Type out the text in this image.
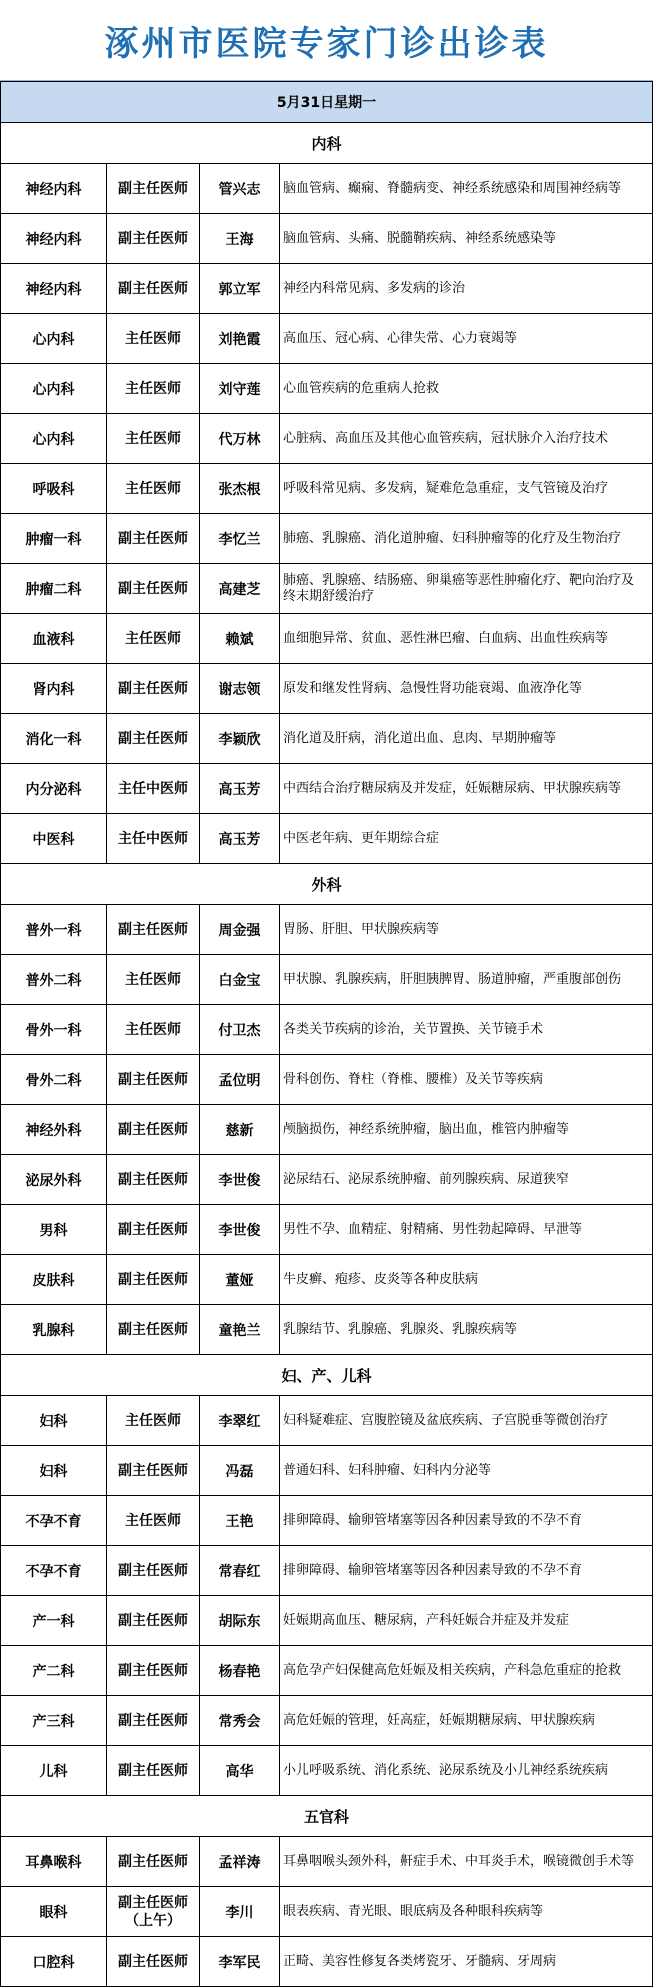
涿州市医院专家门诊出诊表
5月31日星期一			
内科			
神经内科	副主任医师	管兴志	脑血管病、癫痫、脊髓病变、神经系统感染和周围神经病等
神经内科	副主任医师	王海	脑血管病、头痛、脱髓鞘疾病、神经系统感染等
神经内科	副主任医师	郭立军	神经内科常见病、多发病的诊治
心内科	主任医师	刘艳霞	高血压、冠心病、心律失常、心力衰竭等
心内科	主任医师	刘守莲	心血管疾病的危重病人抢救
心内科	主任医师	代万林	心脏病、高血压及其他心血管疾病，冠状脉介入治疗技术
呼吸科	主任医师	张杰根	呼吸科常见病、多发病，疑难危急重症，支气管镜及治疗
肿瘤一科	副主任医师	李忆兰	肺癌、乳腺癌、消化道肿瘤、妇科肿瘤等的化疗及生物治疗
肿瘤二科	副主任医师	高建芝	肺癌、乳腺癌、结肠癌、卵巢癌等恶性肿瘤化疗、靶向治疗及终末期舒缓治疗
血液科	主任医师	赖斌	血细胞异常、贫血、恶性淋巴瘤、白血病、出血性疾病等
肾内科	副主任医师	谢志领	原发和继发性肾病、急慢性肾功能衰竭、血液净化等
消化一科	副主任医师	李颖欣	消化道及肝病，消化道出血、息肉、早期肿瘤等
内分泌科	主任中医师	高玉芳	中西结合治疗糖尿病及并发症，妊娠糖尿病、甲状腺疾病等
中医科	主任中医师	高玉芳	中医老年病、更年期综合症
外科			
普外一科	副主任医师	周金强	胃肠、肝胆、甲状腺疾病等
普外二科	主任医师	白金宝	甲状腺、乳腺疾病，肝胆胰脾胃、肠道肿瘤，严重腹部创伤
骨外一科	主任医师	付卫杰	各类关节疾病的诊治，关节置换、关节镜手术
骨外二科	副主任医师	孟位明	骨科创伤、脊柱（脊椎、腰椎）及关节等疾病
神经外科	副主任医师	慈新	颅脑损伤，神经系统肿瘤，脑出血，椎管内肿瘤等
泌尿外科	副主任医师	李世俊	泌尿结石、泌尿系统肿瘤、前列腺疾病、尿道狭窄
男科	副主任医师	李世俊	男性不孕、血精症、射精痛、男性勃起障碍、早泄等
皮肤科	副主任医师	董娅	牛皮癣、疱疹、皮炎等各种皮肤病
乳腺科	副主任医师	童艳兰	乳腺结节、乳腺癌、乳腺炎、乳腺疾病等
妇、产、儿科			
妇科	主任医师	李翠红	妇科疑难症、宫腹腔镜及盆底疾病、子宫脱垂等微创治疗
妇科	副主任医师	冯磊	普通妇科、妇科肿瘤、妇科内分泌等
不孕不育	主任医师	王艳	排卵障碍、输卵管堵塞等因各种因素导致的不孕不育
不孕不育	副主任医师	常春红	排卵障碍、输卵管堵塞等因各种因素导致的不孕不育
产一科	副主任医师	胡际东	妊娠期高血压、糖尿病，产科妊娠合并症及并发症
产二科	副主任医师	杨春艳	高危孕产妇保健高危妊娠及相关疾病，产科急危重症的抢救
产三科	副主任医师	常秀会	高危妊娠的管理，妊高症，妊娠期糖尿病、甲状腺疾病
儿科	副主任医师	高华	小儿呼吸系统、消化系统、泌尿系统及小儿神经系统疾病
五官科			
耳鼻喉科	副主任医师	孟祥涛	耳鼻咽喉头颈外科，鼾症手术、中耳炎手术，喉镜微创手术等
眼科	副主任医师（上午）	李川	眼表疾病、青光眼、眼底病及各种眼科疾病等
口腔科	副主任医师	李军民	正畸、美容性修复各类烤瓷牙、牙髓病、牙周病
